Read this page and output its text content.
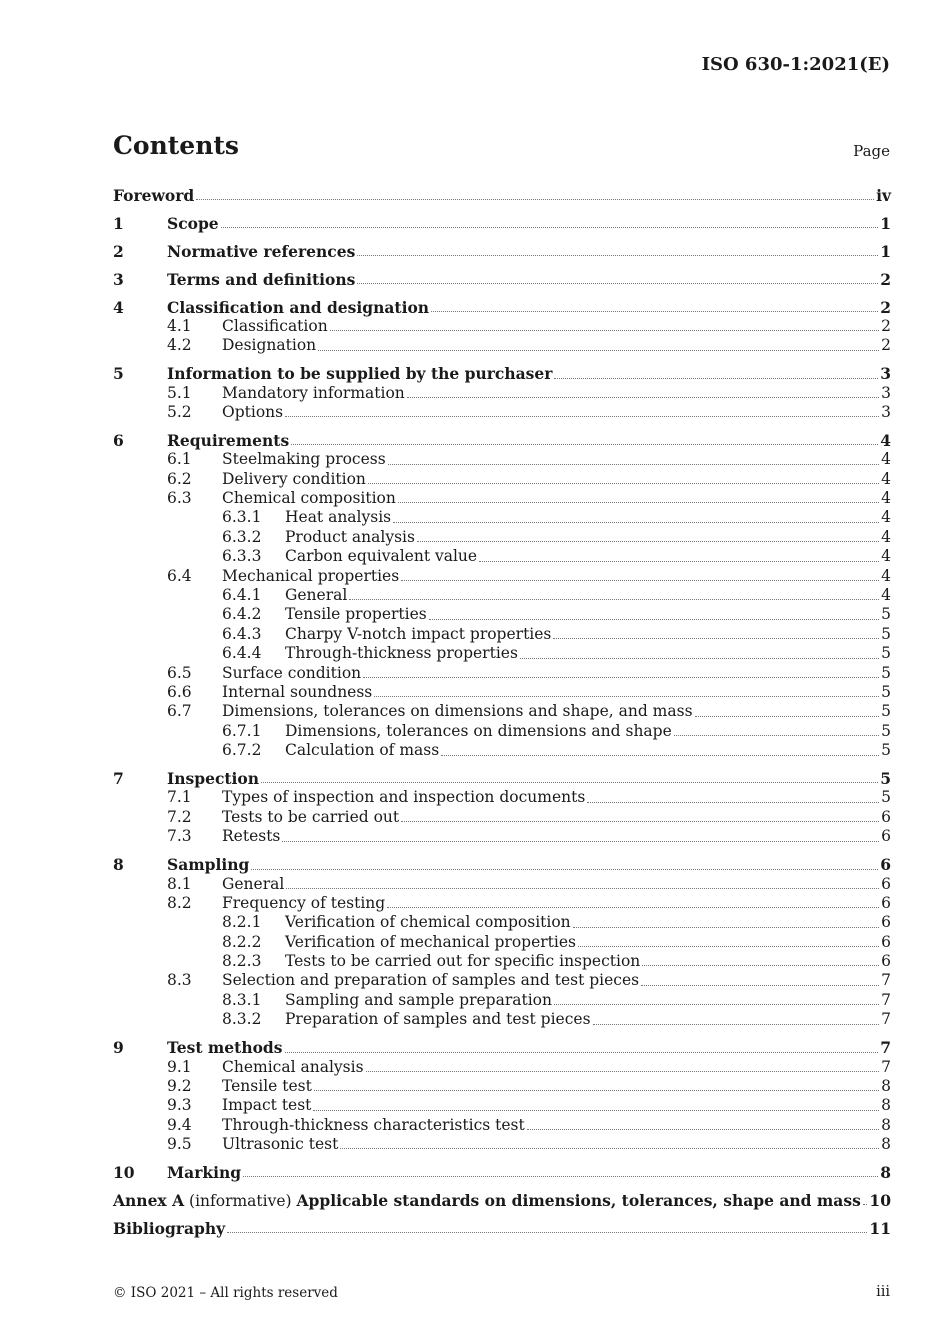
ISO 630-1:2021(E)
Contents	Page
Foreword	iv
1	Scope	1
2	Normative references	1
3	Terms and definitions	2
4	Classification and designation	2
4.1	Classification	2
4.2	Designation	2
5	Information to be supplied by the purchaser	3
5.1	Mandatory information	3
5.2	Options	3
6	Requirements	4
6.1	Steelmaking process	4
6.2	Delivery condition	4
6.3	Chemical composition	4
6.3.1	Heat analysis	4
6.3.2	Product analysis	4
6.3.3	Carbon equivalent value	4
6.4	Mechanical properties	4
6.4.1	General	4
6.4.2	Tensile properties	5
6.4.3	Charpy V-notch impact properties	5
6.4.4	Through-thickness properties	5
6.5	Surface condition	5
6.6	Internal soundness	5
6.7	Dimensions, tolerances on dimensions and shape, and mass	5
6.7.1	Dimensions, tolerances on dimensions and shape	5
6.7.2	Calculation of mass	5
7	Inspection	5
7.1	Types of inspection and inspection documents	5
7.2	Tests to be carried out	6
7.3	Retests	6
8	Sampling	6
8.1	General	6
8.2	Frequency of testing	6
8.2.1	Verification of chemical composition	6
8.2.2	Verification of mechanical properties	6
8.2.3	Tests to be carried out for specific inspection	6
8.3	Selection and preparation of samples and test pieces	7
8.3.1	Sampling and sample preparation	7
8.3.2	Preparation of samples and test pieces	7
9	Test methods	7
9.1	Chemical analysis	7
9.2	Tensile test	8
9.3	Impact test	8
9.4	Through-thickness characteristics test	8
9.5	Ultrasonic test	8
10	Marking	8
Annex A (informative) Applicable standards on dimensions, tolerances, shape and mass 10
Bibliography	11
© ISO 2021 – All rights reserved	iii
